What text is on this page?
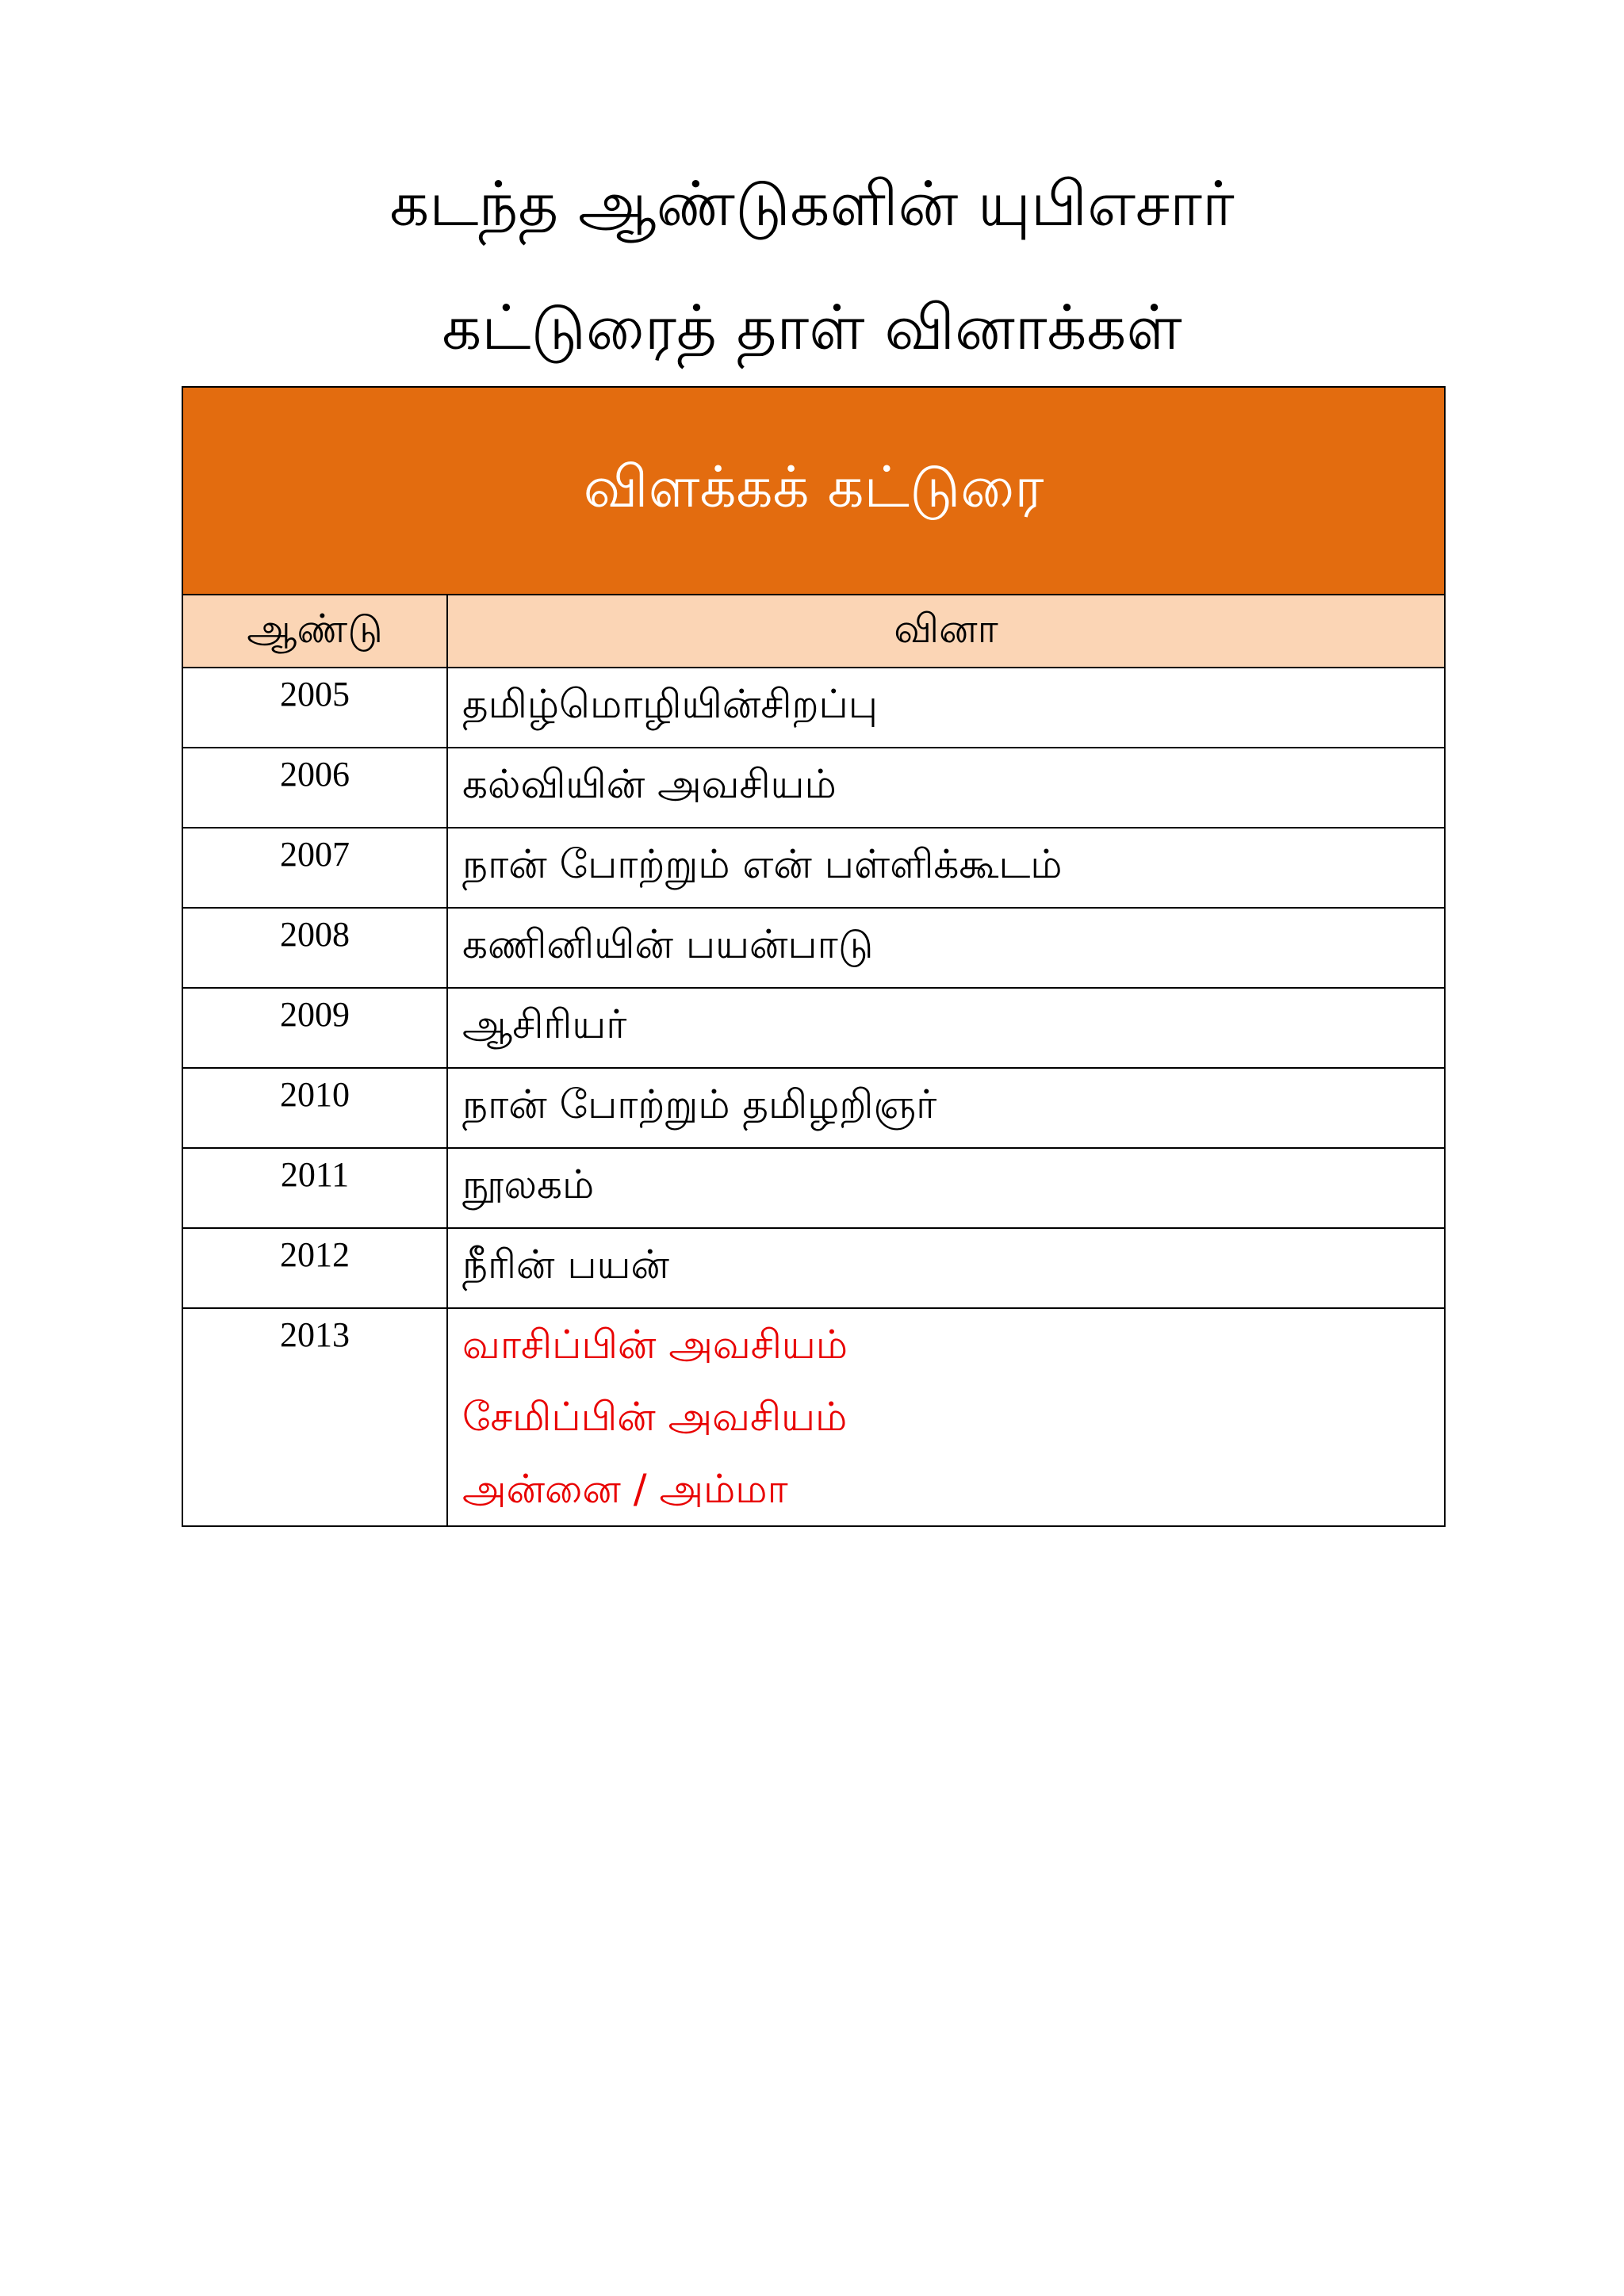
கடந்த ஆண்டுகளின் யுபிஎசார்
கட்டுரைத் தாள் வினாக்கள்
விளக்கக் கட்டுரை	
ஆண்டு	வினா
2005	தமிழ்மொழியின்சிறப்பு

2006	கல்வியின் அவசியம்

2007	நான் போற்றும் என் பள்ளிக்கூடம்

2008	கணினியின் பயன்பாடு

2009	ஆசிரியர்

2010	நான் போற்றும் தமிழறிஞர்

2011	நூலகம்

2012	நீரின் பயன்

2013	வாசிப்பின் அவசியம்
சேமிப்பின் அவசியம்
அன்னை / அம்மா
